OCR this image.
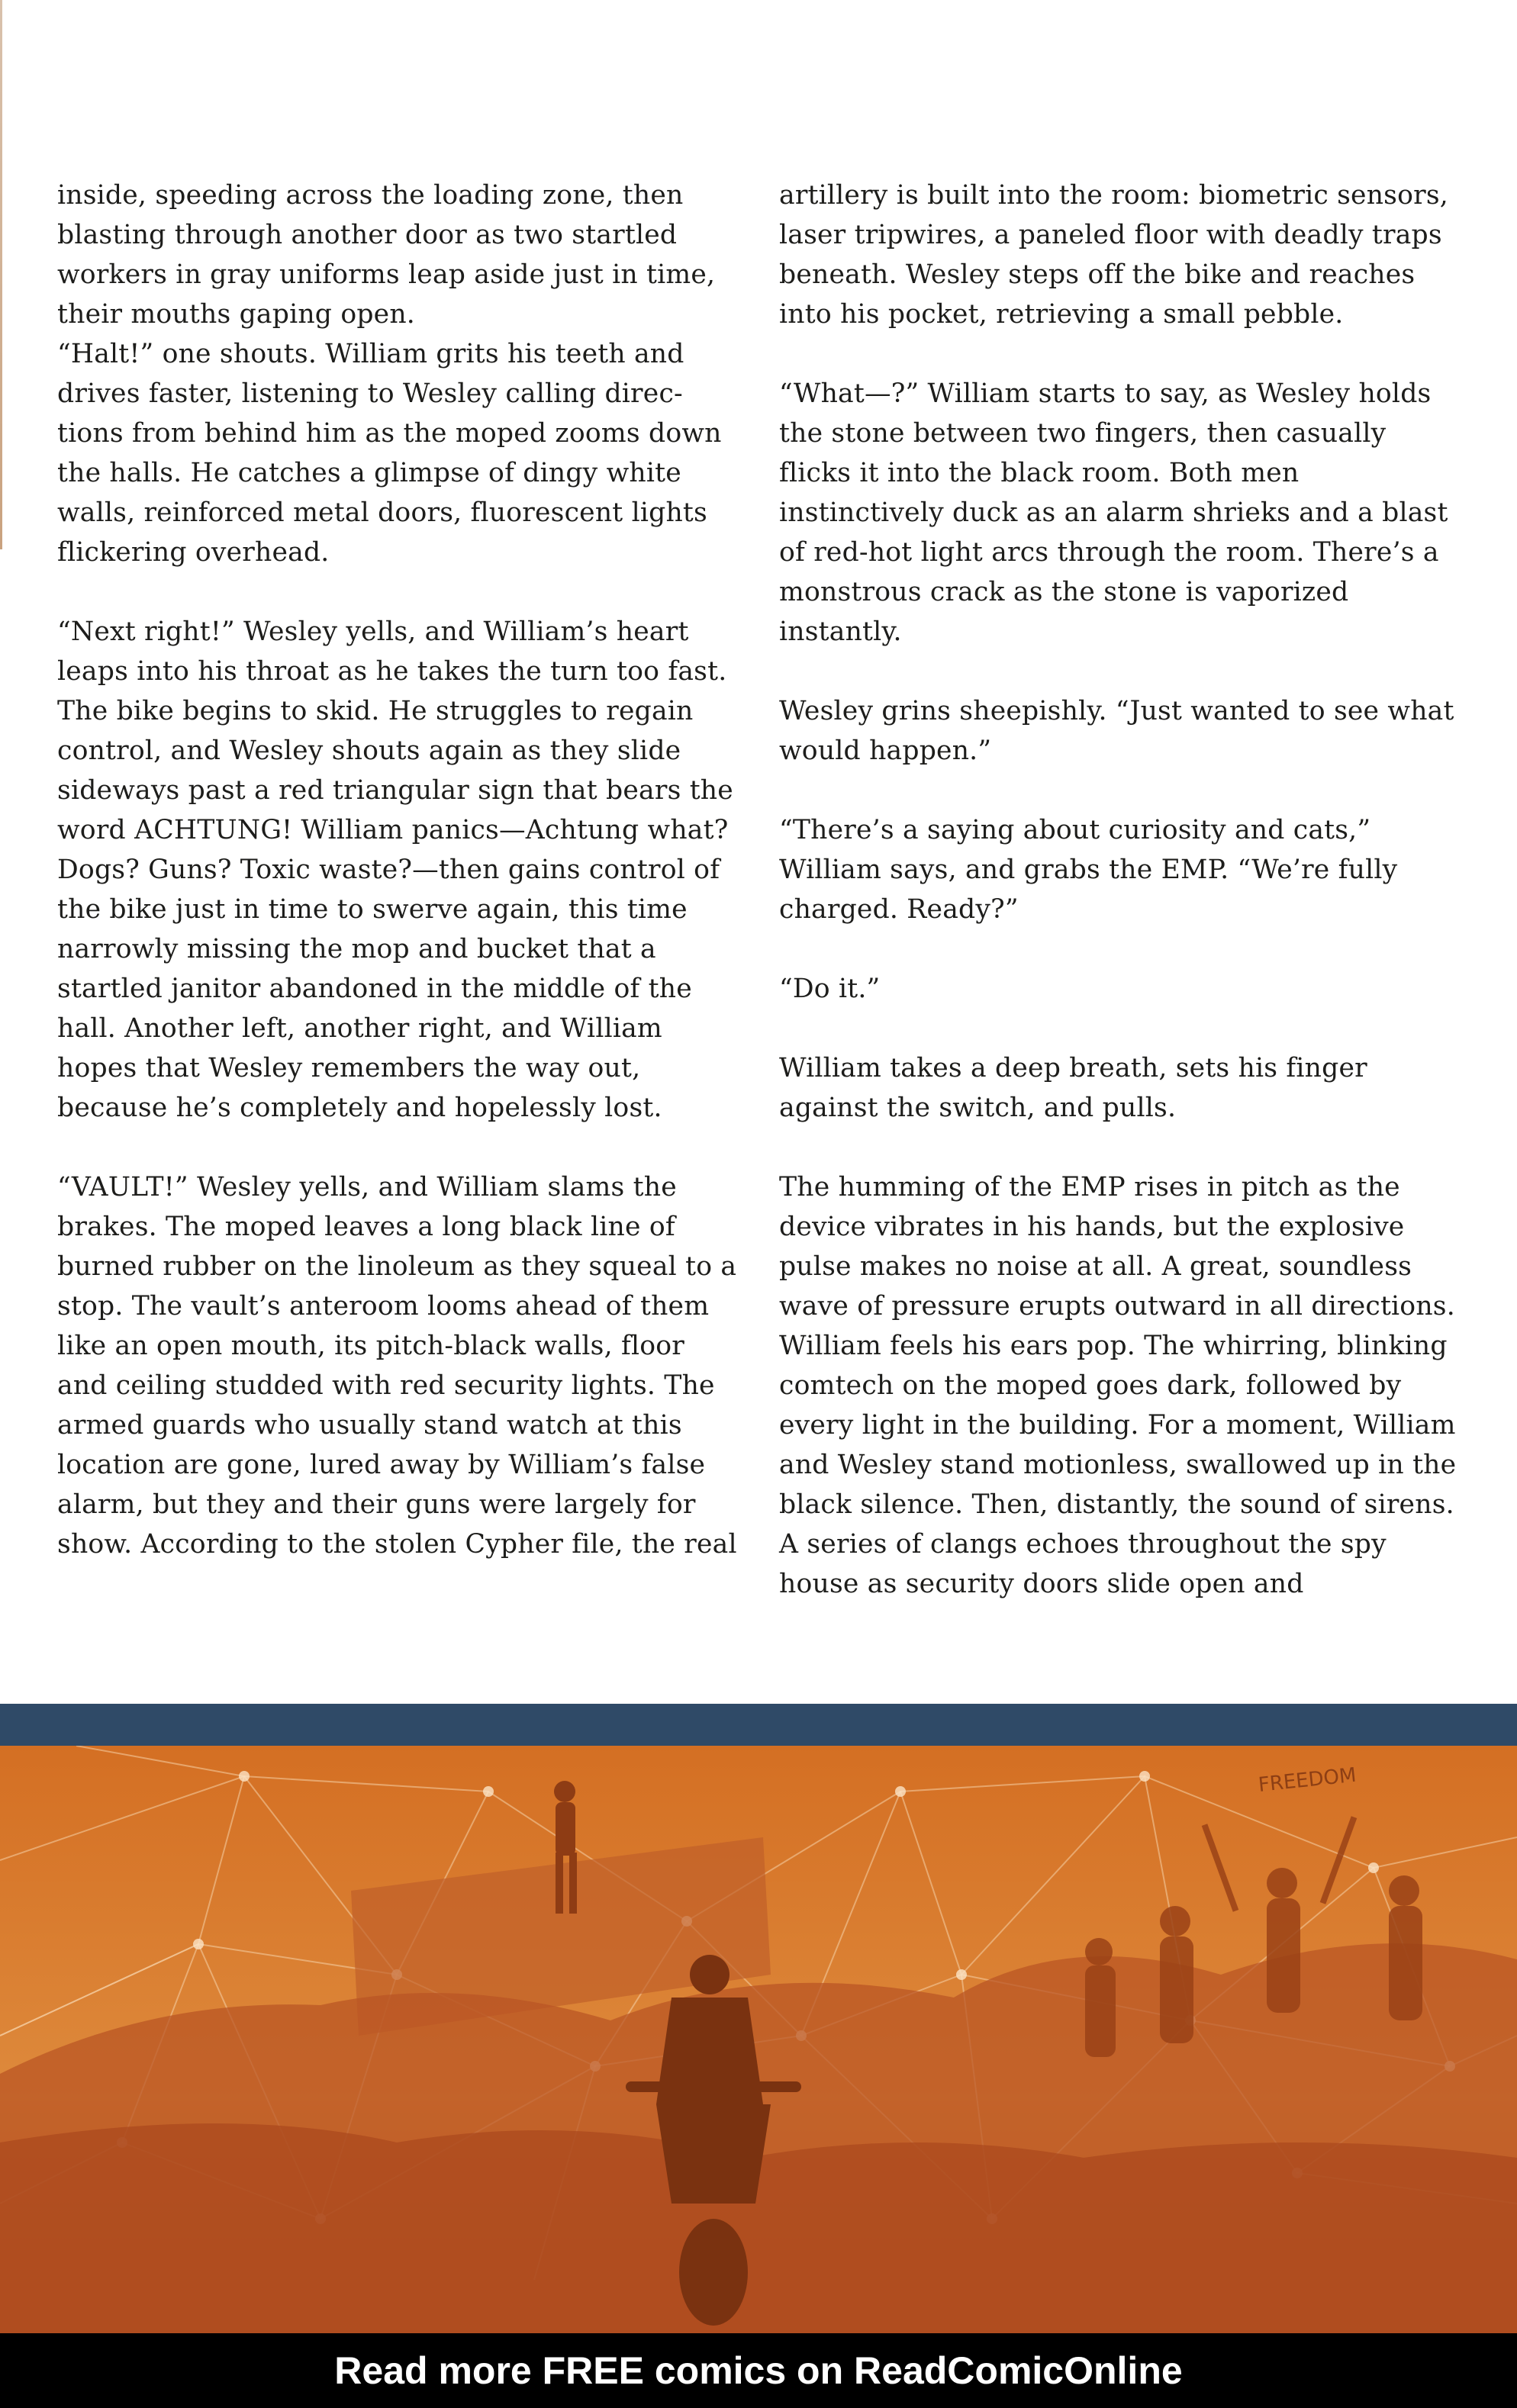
inside, speeding across the loading zone, then blasting through another door as two startled workers in gray uniforms leap aside just in time, their mouths gaping open.

“Halt!” one shouts. William grits his teeth and drives faster, listening to Wesley calling direc-tions from behind him as the moped zooms down the halls. He catches a glimpse of dingy white walls, reinforced metal doors, fluorescent lights flickering overhead.

“Next right!” Wesley yells, and William’s heart leaps into his throat as he takes the turn too fast. The bike begins to skid. He struggles to regain control, and Wesley shouts again as they slide sideways past a red triangular sign that bears the word ACHTUNG! William panics—Achtung what? Dogs? Guns? Toxic waste?—then gains control of the bike just in time to swerve again, this time narrowly missing the mop and bucket that a startled janitor abandoned in the middle of the hall. Another left, another right, and William hopes that Wesley remembers the way out, because he’s completely and hopelessly lost.

“VAULT!” Wesley yells, and William slams the brakes. The moped leaves a long black line of burned rubber on the linoleum as they squeal to a stop. The vault’s anteroom looms ahead of them like an open mouth, its pitch-black walls, floor and ceiling studded with red security lights. The armed guards who usually stand watch at this location are gone, lured away by William’s false alarm, but they and their guns were largely for show. According to the stolen Cypher file, the real

artillery is built into the room: biometric sensors, laser tripwires, a paneled floor with deadly traps beneath. Wesley steps off the bike and reaches into his pocket, retrieving a small pebble.

“What—?” William starts to say, as Wesley holds the stone between two fingers, then casually flicks it into the black room. Both men instinctively duck as an alarm shrieks and a blast of red-hot light arcs through the room. There’s a monstrous crack as the stone is vaporized instantly.

Wesley grins sheepishly. “Just wanted to see what would happen.”

“There’s a saying about curiosity and cats,” William says, and grabs the EMP. “We’re fully charged. Ready?”

“Do it.”

William takes a deep breath, sets his finger against the switch, and pulls.

The humming of the EMP rises in pitch as the device vibrates in his hands, but the explosive pulse makes no noise at all. A great, soundless wave of pressure erupts outward in all directions. William feels his ears pop. The whirring, blinking comtech on the moped goes dark, followed by every light in the building. For a moment, William and Wesley stand motionless, swallowed up in the black silence. Then, distantly, the sound of sirens. A series of clangs echoes throughout the spy house as security doors slide open and

FREEDOM
Read more FREE comics on ReadComicOnline
